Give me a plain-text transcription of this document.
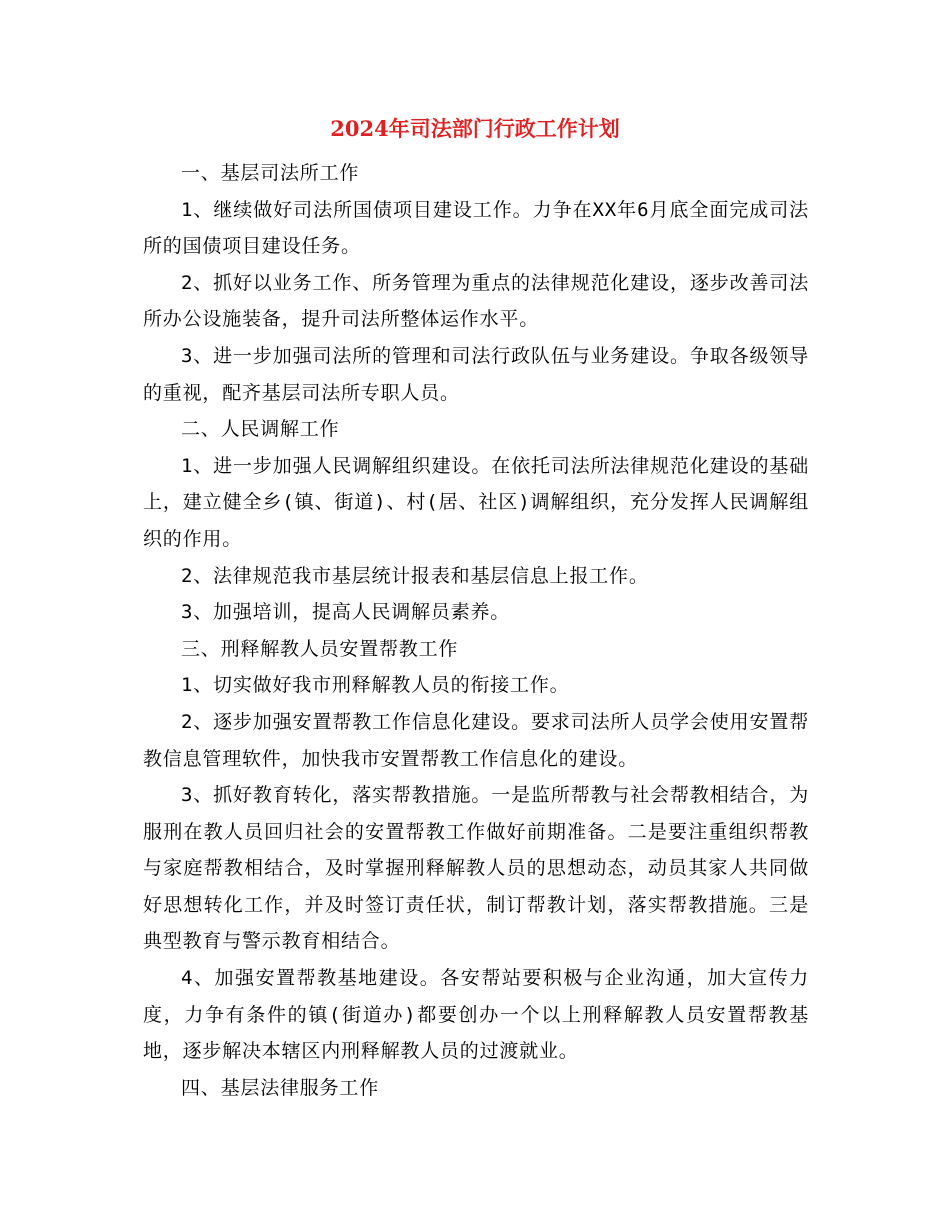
2024年司法部门行政工作计划

一、基层司法所工作

1、继续做好司法所国债项目建设工作。力争在XX年6月底全面完成司法所的国债项目建设任务。

2、抓好以业务工作、所务管理为重点的法律规范化建设，逐步改善司法所办公设施装备，提升司法所整体运作水平。

3、进一步加强司法所的管理和司法行政队伍与业务建设。争取各级领导的重视，配齐基层司法所专职人员。

二、人民调解工作

1、进一步加强人民调解组织建设。在依托司法所法律规范化建设的基础上，建立健全乡(镇、街道)、村(居、社区)调解组织，充分发挥人民调解组织的作用。

2、法律规范我市基层统计报表和基层信息上报工作。

3、加强培训，提高人民调解员素养。

三、刑释解教人员安置帮教工作

1、切实做好我市刑释解教人员的衔接工作。

2、逐步加强安置帮教工作信息化建设。要求司法所人员学会使用安置帮教信息管理软件，加快我市安置帮教工作信息化的建设。

3、抓好教育转化，落实帮教措施。一是监所帮教与社会帮教相结合，为服刑在教人员回归社会的安置帮教工作做好前期准备。二是要注重组织帮教与家庭帮教相结合，及时掌握刑释解教人员的思想动态，动员其家人共同做好思想转化工作，并及时签订责任状，制订帮教计划，落实帮教措施。三是典型教育与警示教育相结合。

4、加强安置帮教基地建设。各安帮站要积极与企业沟通，加大宣传力度，力争有条件的镇(街道办)都要创办一个以上刑释解教人员安置帮教基地，逐步解决本辖区内刑释解教人员的过渡就业。

四、基层法律服务工作
